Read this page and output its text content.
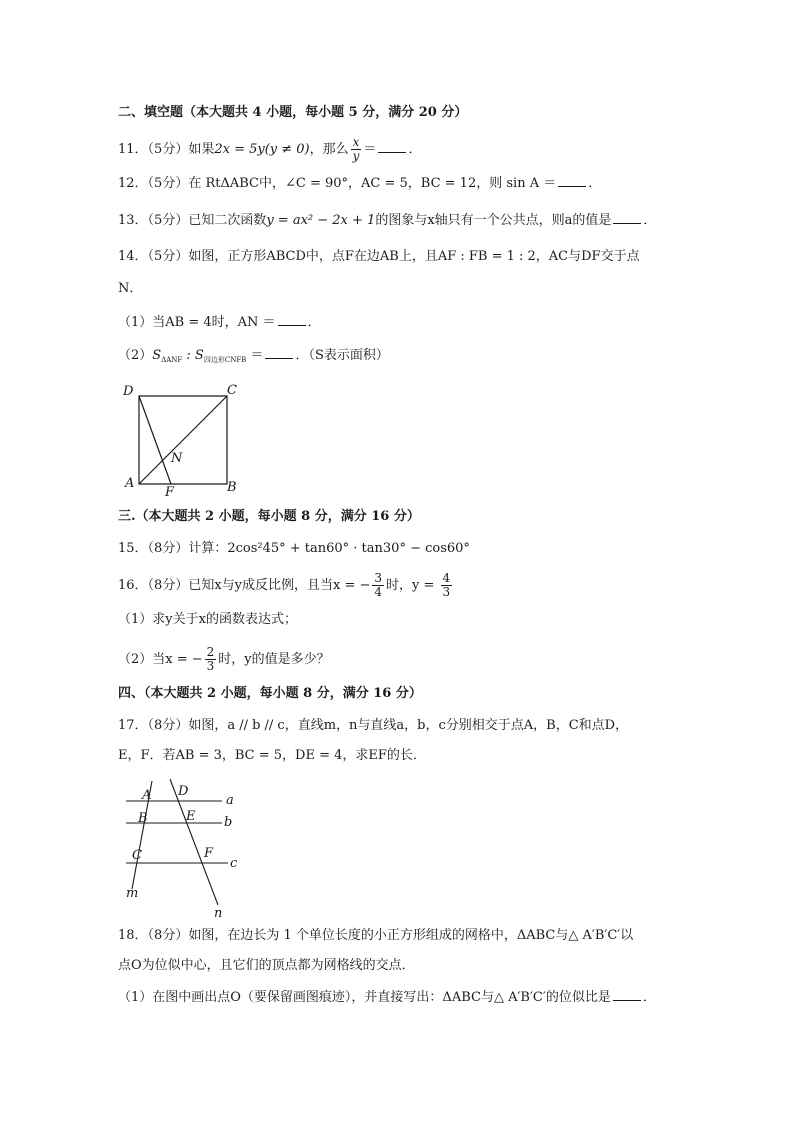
二、填空题（本大题共 4 小题，每小题 5 分，满分 20 分）
11．（5分）如果2x = 5y(y ≠ 0)，那么 $\frac{x}{y}$ ＝ ．
12．（5分）在 RtΔABC中，∠C = 90°，AC = 5，BC = 12，则 sin A ＝ ．
13．（5分）已知二次函数y = ax² − 2x + 1的图象与x轴只有一个公共点，则a的值是 ．
14．（5分）如图，正方形ABCD中，点F在边AB上，且AF : FB = 1 : 2，AC与DF交于点
N．
（1）当AB = 4时，AN ＝ ．
$(2)S_{\Delta ANF}$ : $S_{四边形CNFB}$ ＝ ．（S表示面积）
D	C
A	B
F
N
三.（本大题共 2 小题，每小题 8 分，满分 16 分）
15．（8分）计算：2cos²45° + tan60° · tan30° − cos60°
16．（8分）已知x与y成反比例，且当x = − $\frac{3}{4}$ 时，$y = \frac{4}{3}$
（1）求y关于x的函数表达式；
（2）当x = − $\frac{2}{3}$ 时，y的值是多少？
四、（本大题共 2 小题，每小题 8 分，满分 16 分）
17．（8分）如图，a // b // c，直线m，n与直线a，b，c分别相交于点A，B，C和点D，
E，F．若AB = 3，BC = 5，DE = 4，求EF的长．
A D
a
B	E b
C	F
c
m
n
18．（8分）如图，在边长为 1 个单位长度的小正方形组成的网格中，ΔABC与△ A′B′C′以
点O为位似中心，且它们的顶点都为网格线的交点．
（1）在图中画出点O（要保留画图痕迹），并直接写出：ΔABC与△ A′B′C′的位似比是 ．
